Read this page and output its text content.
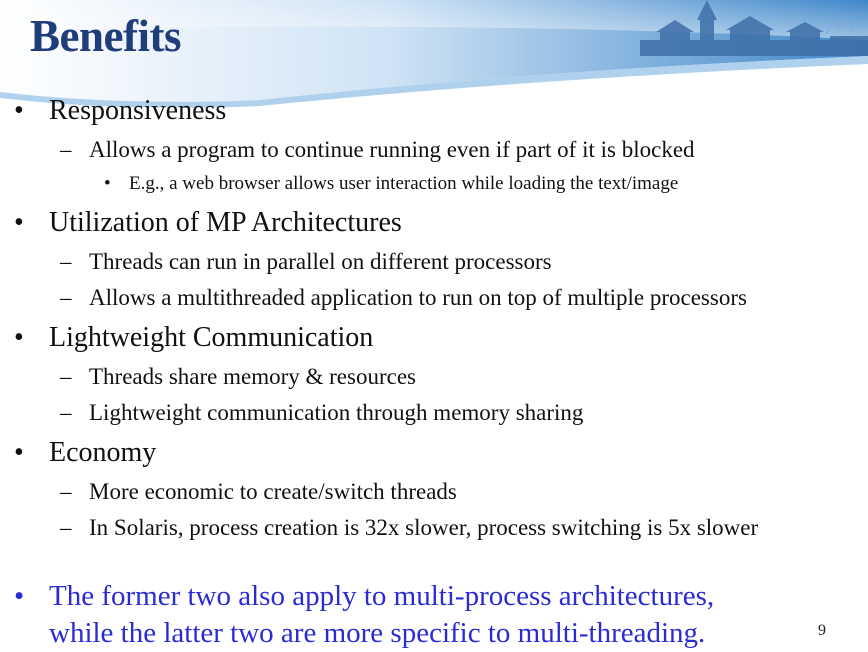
Benefits
• Responsiveness
– Allows a program to continue running even if part of it is blocked
• E.g., a web browser allows user interaction while loading the text/image
• Utilization of MP Architectures
– Threads can run in parallel on different processors
– Allows a multithreaded application to run on top of multiple processors
• Lightweight Communication
– Threads share memory & resources
– Lightweight communication through memory sharing
• Economy
– More economic to create/switch threads
– In Solaris, process creation is 32x slower, process switching is 5x slower
• The former two also apply to multi-process architectures,
while the latter two are more specific to multi-threading.	9
